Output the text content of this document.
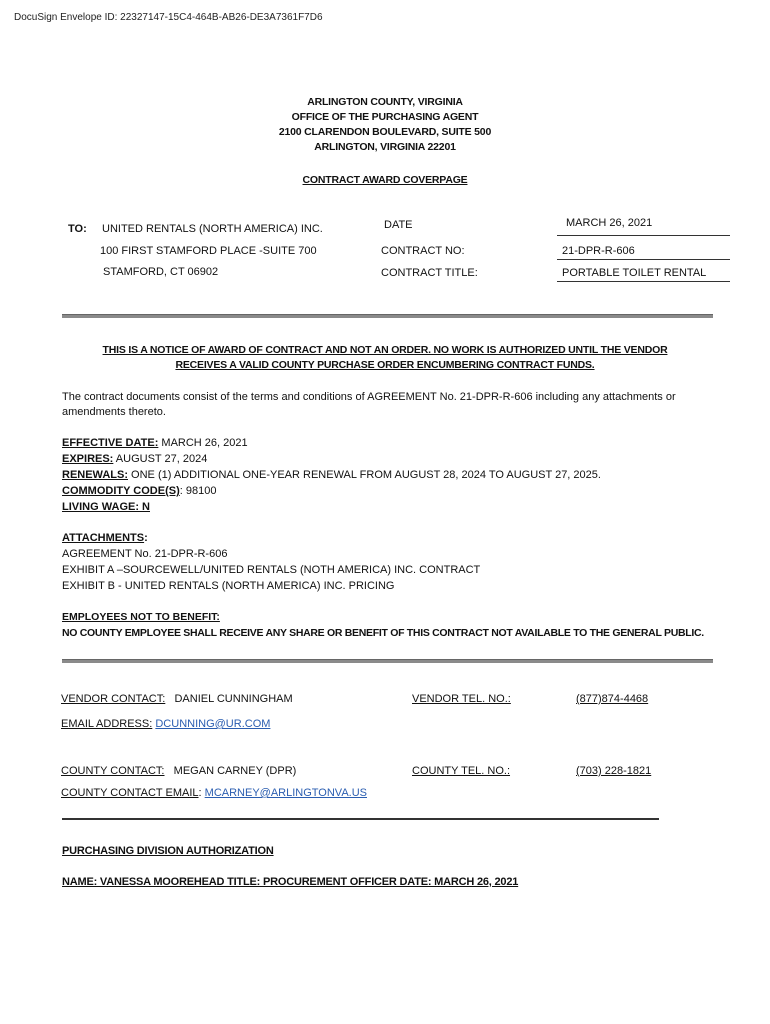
DocuSign Envelope ID: 22327147-15C4-464B-AB26-DE3A7361F7D6
ARLINGTON COUNTY, VIRGINIA
OFFICE OF THE PURCHASING AGENT
2100 CLARENDON BOULEVARD, SUITE 500
ARLINGTON, VIRGINIA 22201
CONTRACT AWARD COVERPAGE
TO: UNITED RENTALS (NORTH AMERICA) INC.
100 FIRST STAMFORD PLACE -SUITE 700
STAMFORD, CT 06902
DATE	MARCH 26, 2021
CONTRACT NO:	21-DPR-R-606
CONTRACT TITLE:	PORTABLE TOILET RENTAL
THIS IS A NOTICE OF AWARD OF CONTRACT AND NOT AN ORDER. NO WORK IS AUTHORIZED UNTIL THE VENDOR
RECEIVES A VALID COUNTY PURCHASE ORDER ENCUMBERING CONTRACT FUNDS.
The contract documents consist of the terms and conditions of AGREEMENT No. 21-DPR-R-606 including any attachments or
amendments thereto.
EFFECTIVE DATE: MARCH 26, 2021
EXPIRES: AUGUST 27, 2024
RENEWALS: ONE (1) ADDITIONAL ONE-YEAR RENEWAL FROM AUGUST 28, 2024 TO AUGUST 27, 2025.
COMMODITY CODE(S): 98100
LIVING WAGE: N
ATTACHMENTS:
AGREEMENT No. 21-DPR-R-606
EXHIBIT A –SOURCEWELL/UNITED RENTALS (NOTH AMERICA) INC. CONTRACT
EXHIBIT B - UNITED RENTALS (NORTH AMERICA) INC. PRICING
EMPLOYEES NOT TO BENEFIT:
NO COUNTY EMPLOYEE SHALL RECEIVE ANY SHARE OR BENEFIT OF THIS CONTRACT NOT AVAILABLE TO THE GENERAL PUBLIC.
VENDOR CONTACT: DANIEL CUNNINGHAM	VENDOR TEL. NO.:	(877)874-4468
EMAIL ADDRESS: DCUNNING@UR.COM
COUNTY CONTACT: MEGAN CARNEY (DPR)	COUNTY TEL. NO.:	(703) 228-1821
COUNTY CONTACT EMAIL: MCARNEY@ARLINGTONVA.US
PURCHASING DIVISION AUTHORIZATION
NAME: VANESSA MOOREHEAD TITLE: PROCUREMENT OFFICER DATE: MARCH 26, 2021
